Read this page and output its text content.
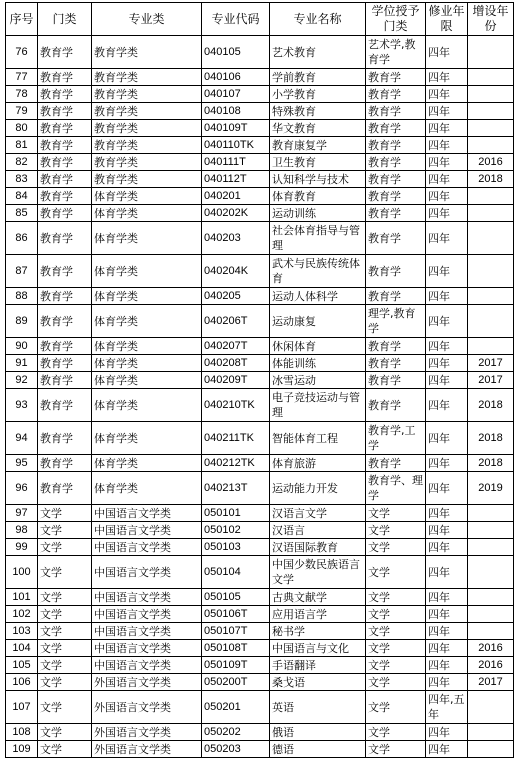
序号	门类	专业类	专业代码	专业名称	学位授予门类	修业年限	增设年份
76	教育学	教育学类	040105	艺术教育	艺术学,教育学	四年	
77	教育学	教育学类	040106	学前教育	教育学	四年	
78	教育学	教育学类	040107	小学教育	教育学	四年	
79	教育学	教育学类	040108	特殊教育	教育学	四年	
80	教育学	教育学类	040109T	华文教育	教育学	四年	
81	教育学	教育学类	040110TK	教育康复学	教育学	四年	
82	教育学	教育学类	040111T	卫生教育	教育学	四年	2016
83	教育学	教育学类	040112T	认知科学与技术	教育学	四年	2018
84	教育学	体育学类	040201	体育教育	教育学	四年	
85	教育学	体育学类	040202K	运动训练	教育学	四年	
86	教育学	体育学类	040203	社会体育指导与管理	教育学	四年	
87	教育学	体育学类	040204K	武术与民族传统体育	教育学	四年	
88	教育学	体育学类	040205	运动人体科学	教育学	四年	
89	教育学	体育学类	040206T	运动康复	理学,教育学	四年	
90	教育学	体育学类	040207T	休闲体育	教育学	四年	
91	教育学	体育学类	040208T	体能训练	教育学	四年	2017
92	教育学	体育学类	040209T	冰雪运动	教育学	四年	2017
93	教育学	体育学类	040210TK	电子竞技运动与管理	教育学	四年	2018
94	教育学	体育学类	040211TK	智能体育工程	教育学,工学	四年	2018
95	教育学	体育学类	040212TK	体育旅游	教育学	四年	2018
96	教育学	体育学类	040213T	运动能力开发	教育学、理学	四年	2019
97	文学	中国语言文学类	050101	汉语言文学	文学	四年	
98	文学	中国语言文学类	050102	汉语言	文学	四年	
99	文学	中国语言文学类	050103	汉语国际教育	文学	四年	
100	文学	中国语言文学类	050104	中国少数民族语言文学	文学	四年	
101	文学	中国语言文学类	050105	古典文献学	文学	四年	
102	文学	中国语言文学类	050106T	应用语言学	文学	四年	
103	文学	中国语言文学类	050107T	秘书学	文学	四年	
104	文学	中国语言文学类	050108T	中国语言与文化	文学	四年	2016
105	文学	中国语言文学类	050109T	手语翻译	文学	四年	2016
106	文学	外国语言文学类	050200T	桑戈语	文学	四年	2017
107	文学	外国语言文学类	050201	英语	文学	四年,五年	
108	文学	外国语言文学类	050202	俄语	文学	四年	
109	文学	外国语言文学类	050203	德语	文学	四年	
